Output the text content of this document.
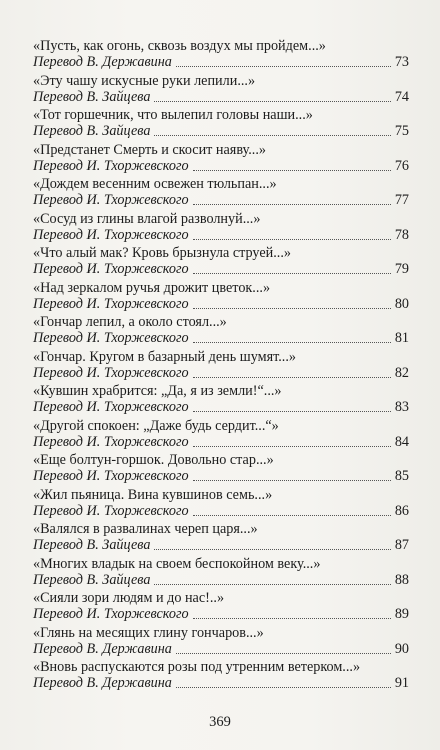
«Пусть, как огонь, сквозь воздух мы пройдем...»
Перевод В. Державина	73
«Эту чашу искусные руки лепили...»
Перевод В. Зайцева	74
«Тот горшечник, что вылепил головы наши...»
Перевод В. Зайцева	75
«Предстанет Смерть и скосит наяву...»
Перевод И. Тхоржевского	76
«Дождем весенним освежен тюльпан...»
Перевод И. Тхоржевского	77
«Сосуд из глины влагой разволнуй...»
Перевод И. Тхоржевского	78
«Что алый мак? Кровь брызнула струей...»
Перевод И. Тхоржевского	79
«Над зеркалом ручья дрожит цветок...»
Перевод И. Тхоржевского	80
«Гончар лепил, а около стоял...»
Перевод И. Тхоржевского	81
«Гончар. Кругом в базарный день шумят...»
Перевод И. Тхоржевского	82
«Кувшин храбрится: „Да, я из земли!“...»
Перевод И. Тхоржевского	83
«Другой спокоен: „Даже будь сердит...“»
Перевод И. Тхоржевского	84
«Еще болтун-горшок. Довольно стар...»
Перевод И. Тхоржевского	85
«Жил пьяница. Вина кувшинов семь...»
Перевод И. Тхоржевского	86
«Валялся в развалинах череп царя...»
Перевод В. Зайцева	87
«Многих владык на своем беспокойном веку...»
Перевод В. Зайцева	88
«Сияли зори людям и до нас!..»
Перевод И. Тхоржевского	89
«Глянь на месящих глину гончаров...»
Перевод В. Державина	90
«Вновь распускаются розы под утренним ветерком...»
Перевод В. Державина	91
369
